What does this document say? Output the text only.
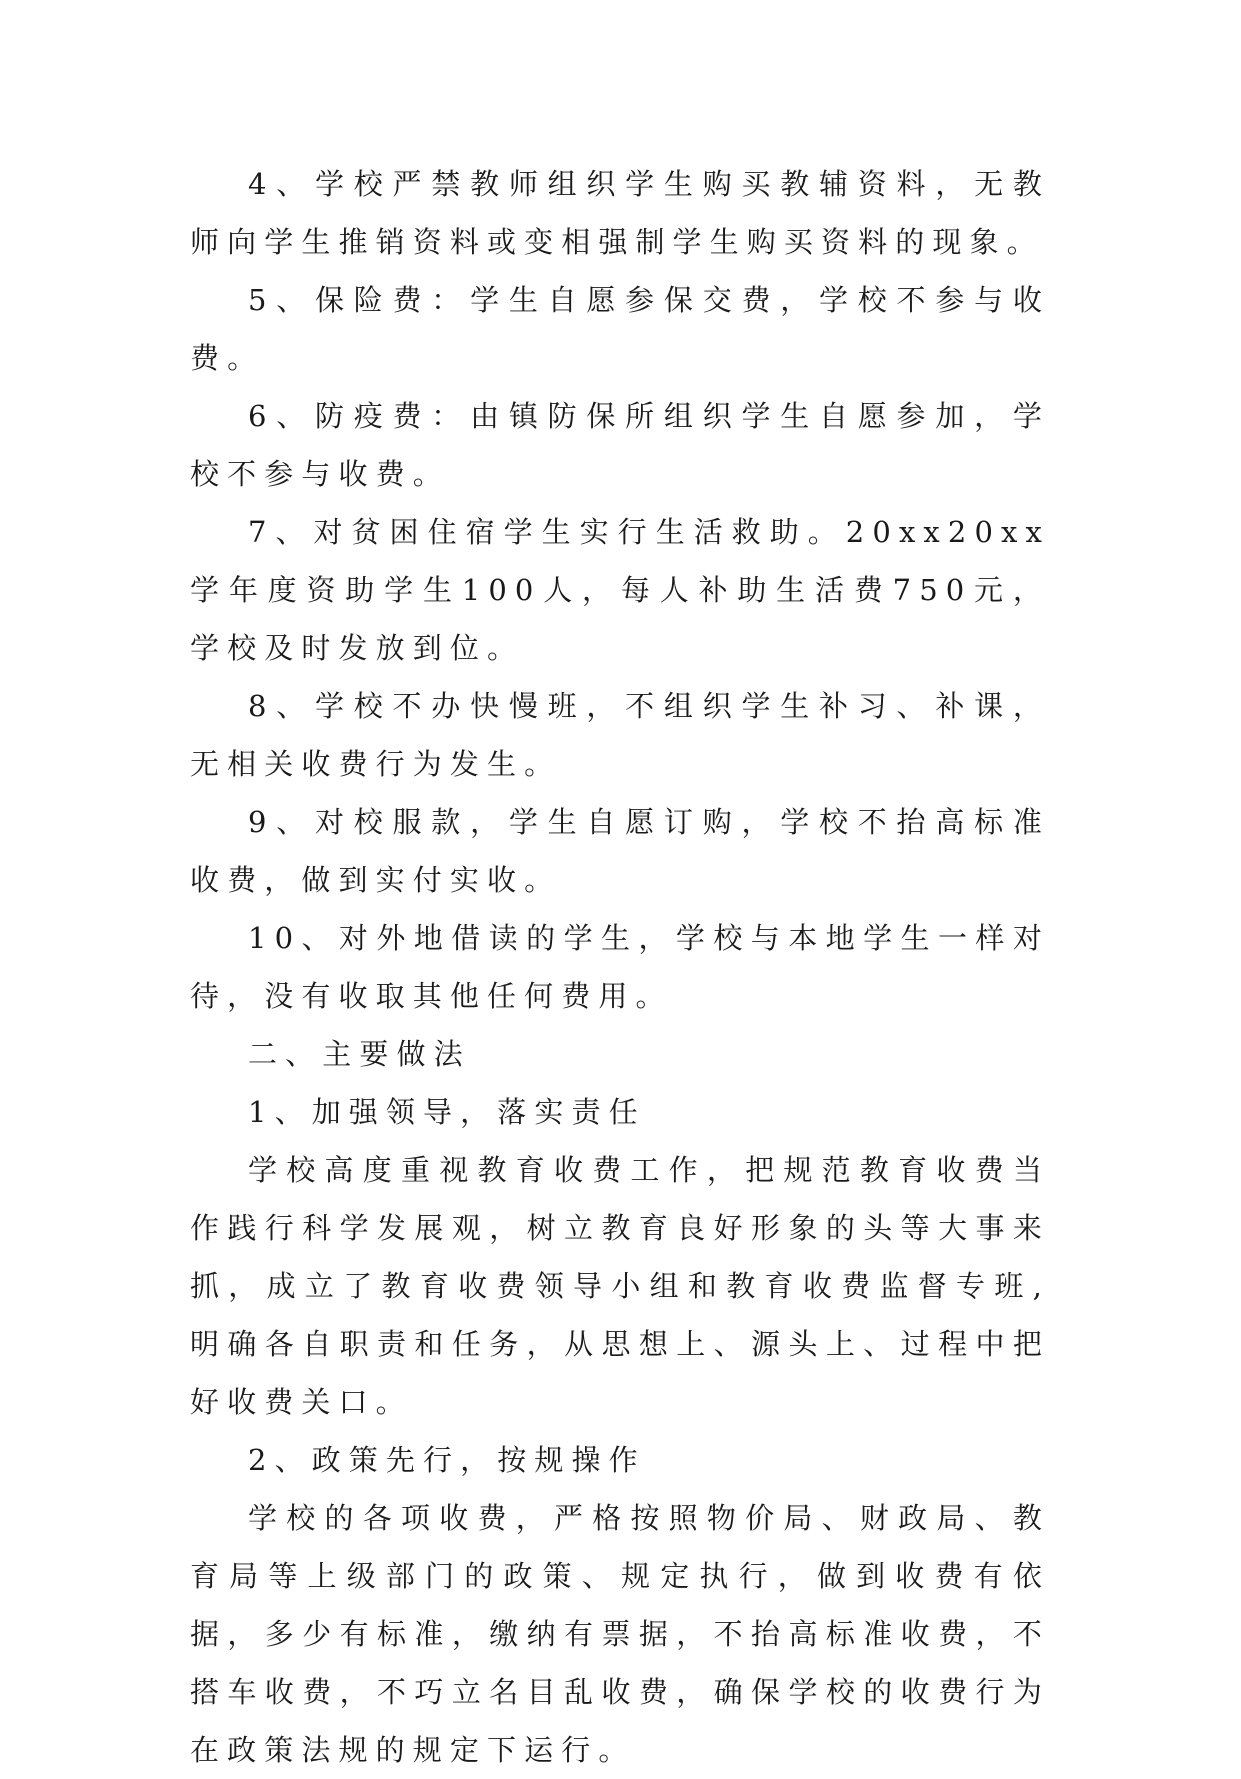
4、学校严禁教师组织学生购买教辅资料，无教师向学生推销资料或变相强制学生购买资料的现象。

5、保险费：学生自愿参保交费，学校不参与收费。

6、防疫费：由镇防保所组织学生自愿参加，学校不参与收费。

7、对贫困住宿学生实行生活救助。20xx20xx学年度资助学生100人，每人补助生活费750元，学校及时发放到位。

8、学校不办快慢班，不组织学生补习、补课，无相关收费行为发生。

9、对校服款，学生自愿订购，学校不抬高标准收费，做到实付实收。

10、对外地借读的学生，学校与本地学生一样对待，没有收取其他任何费用。

二、主要做法

1、加强领导，落实责任

学校高度重视教育收费工作，把规范教育收费当作践行科学发展观，树立教育良好形象的头等大事来抓，成立了教育收费领导小组和教育收费监督专班,明确各自职责和任务，从思想上、源头上、过程中把好收费关口。

2、政策先行，按规操作

学校的各项收费，严格按照物价局、财政局、教育局等上级部门的政策、规定执行，做到收费有依据，多少有标准，缴纳有票据，不抬高标准收费，不搭车收费，不巧立名目乱收费，确保学校的收费行为在政策法规的规定下运行。
